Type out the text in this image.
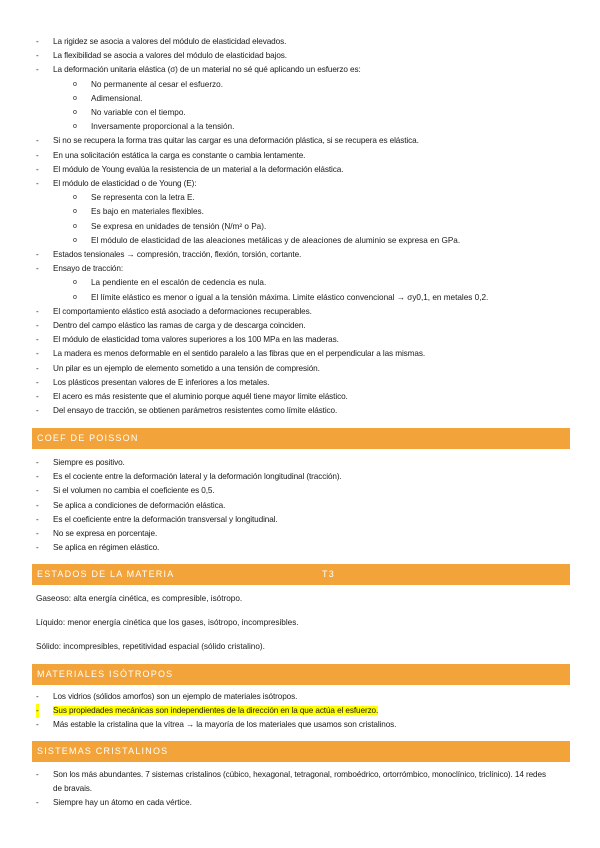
- La rigidez se asocia a valores del módulo de elasticidad elevados.
- La flexibilidad se asocia a valores del módulo de elasticidad bajos.
- La deformación unitaria elástica (σ) de un material no sé qué aplicando un esfuerzo es:
o No permanente al cesar el esfuerzo.
o Adimensional.
o No variable con el tiempo.
o Inversamente proporcional a la tensión.
- Si no se recupera la forma tras quitar las cargar es una deformación plástica, si se recupera es elástica.
- En una solicitación estática la carga es constante o cambia lentamente.
- El módulo de Young evalúa la resistencia de un material a la deformación elástica.
- El módulo de elasticidad o de Young (E):
o Se representa con la letra E.
o Es bajo en materiales flexibles.
o Se expresa en unidades de tensión (N/m² o Pa).
o El módulo de elasticidad de las aleaciones metálicas y de aleaciones de aluminio se expresa en GPa.
- Estados tensionales → compresión, tracción, flexión, torsión, cortante.
- Ensayo de tracción:
o La pendiente en el escalón de cedencia es nula.
o El límite elástico es menor o igual a la tensión máxima. Limite elástico convencional → σy0,1, en metales 0,2.
- El comportamiento elástico está asociado a deformaciones recuperables.
- Dentro del campo elástico las ramas de carga y de descarga coinciden.
- El módulo de elasticidad toma valores superiores a los 100 MPa en las maderas.
- La madera es menos deformable en el sentido paralelo a las fibras que en el perpendicular a las mismas.
- Un pilar es un ejemplo de elemento sometido a una tensión de compresión.
- Los plásticos presentan valores de E inferiores a los metales.
- El acero es más resistente que el aluminio porque aquél tiene mayor límite elástico.
- Del ensayo de tracción, se obtienen parámetros resistentes como límite elástico.
COEF DE POISSON
- Siempre es positivo.
- Es el cociente entre la deformación lateral y la deformación longitudinal (tracción).
- Si el volumen no cambia el coeficiente es 0,5.
- Se aplica a condiciones de deformación elástica.
- Es el coeficiente entre la deformación transversal y longitudinal.
- No se expresa en porcentaje.
- Se aplica en régimen elástico.
ESTADOS DE LA MATERIA	T3
Gaseoso: alta energía cinética, es compresible, isótropo.
Líquido: menor energía cinética que los gases, isótropo, incompresibles.
Sólido: incompresibles, repetitividad espacial (sólido cristalino).
MATERIALES ISÓTROPOS
- Los vidrios (sólidos amorfos) son un ejemplo de materiales isótropos.
- Sus propiedades mecánicas son independientes de la dirección en la que actúa el esfuerzo.
- Más estable la cristalina que la vítrea → la mayoría de los materiales que usamos son cristalinos.
SISTEMAS CRISTALINOS
- Son los más abundantes. 7 sistemas cristalinos (cúbico, hexagonal, tetragonal, romboédrico, ortorrómbico, monoclínico, triclínico). 14 redes de bravais.
- Siempre hay un átomo en cada vértice.
